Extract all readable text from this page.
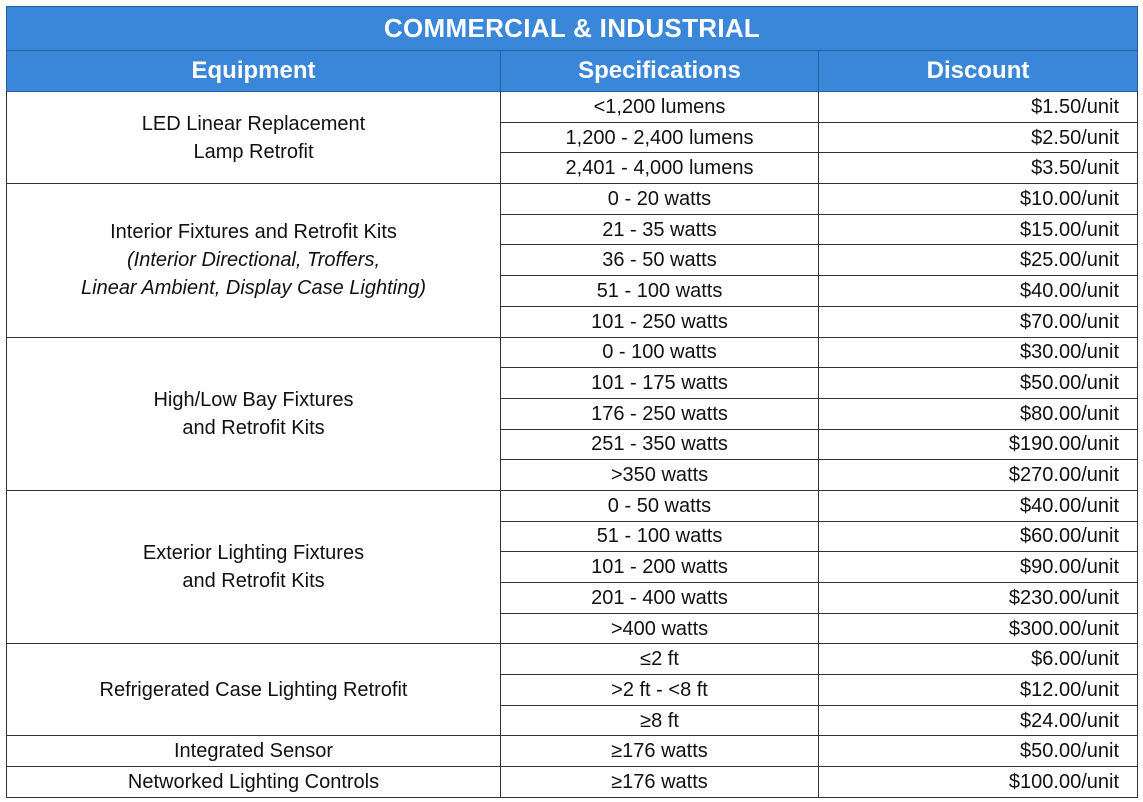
COMMERCIAL & INDUSTRIAL		
Equipment	Specifications	Discount

LED Linear Replacement
Lamp Retrofit	<1,200 lumens	$1.50/unit
	1,200 - 2,400 lumens	$2.50/unit
	2,401 - 4,000 lumens	$3.50/unit

Interior Fixtures and Retrofit Kits
(Interior Directional, Troffers,
Linear Ambient, Display Case Lighting)	0 - 20 watts	$10.00/unit
	21 - 35 watts	$15.00/unit
	36 - 50 watts	$25.00/unit
	51 - 100 watts	$40.00/unit
	101 - 250 watts	$70.00/unit

High/Low Bay Fixtures
and Retrofit Kits	0 - 100 watts	$30.00/unit
	101 - 175 watts	$50.00/unit
	176 - 250 watts	$80.00/unit
	251 - 350 watts	$190.00/unit
	>350 watts	$270.00/unit

Exterior Lighting Fixtures
and Retrofit Kits	0 - 50 watts	$40.00/unit
	51 - 100 watts	$60.00/unit
	101 - 200 watts	$90.00/unit
	201 - 400 watts	$230.00/unit
	>400 watts	$300.00/unit

Refrigerated Case Lighting Retrofit	≤2 ft	$6.00/unit
	>2 ft - <8 ft	$12.00/unit
	≥8 ft	$24.00/unit

Integrated Sensor	≥176 watts	$50.00/unit

Networked Lighting Controls	≥176 watts	$100.00/unit
